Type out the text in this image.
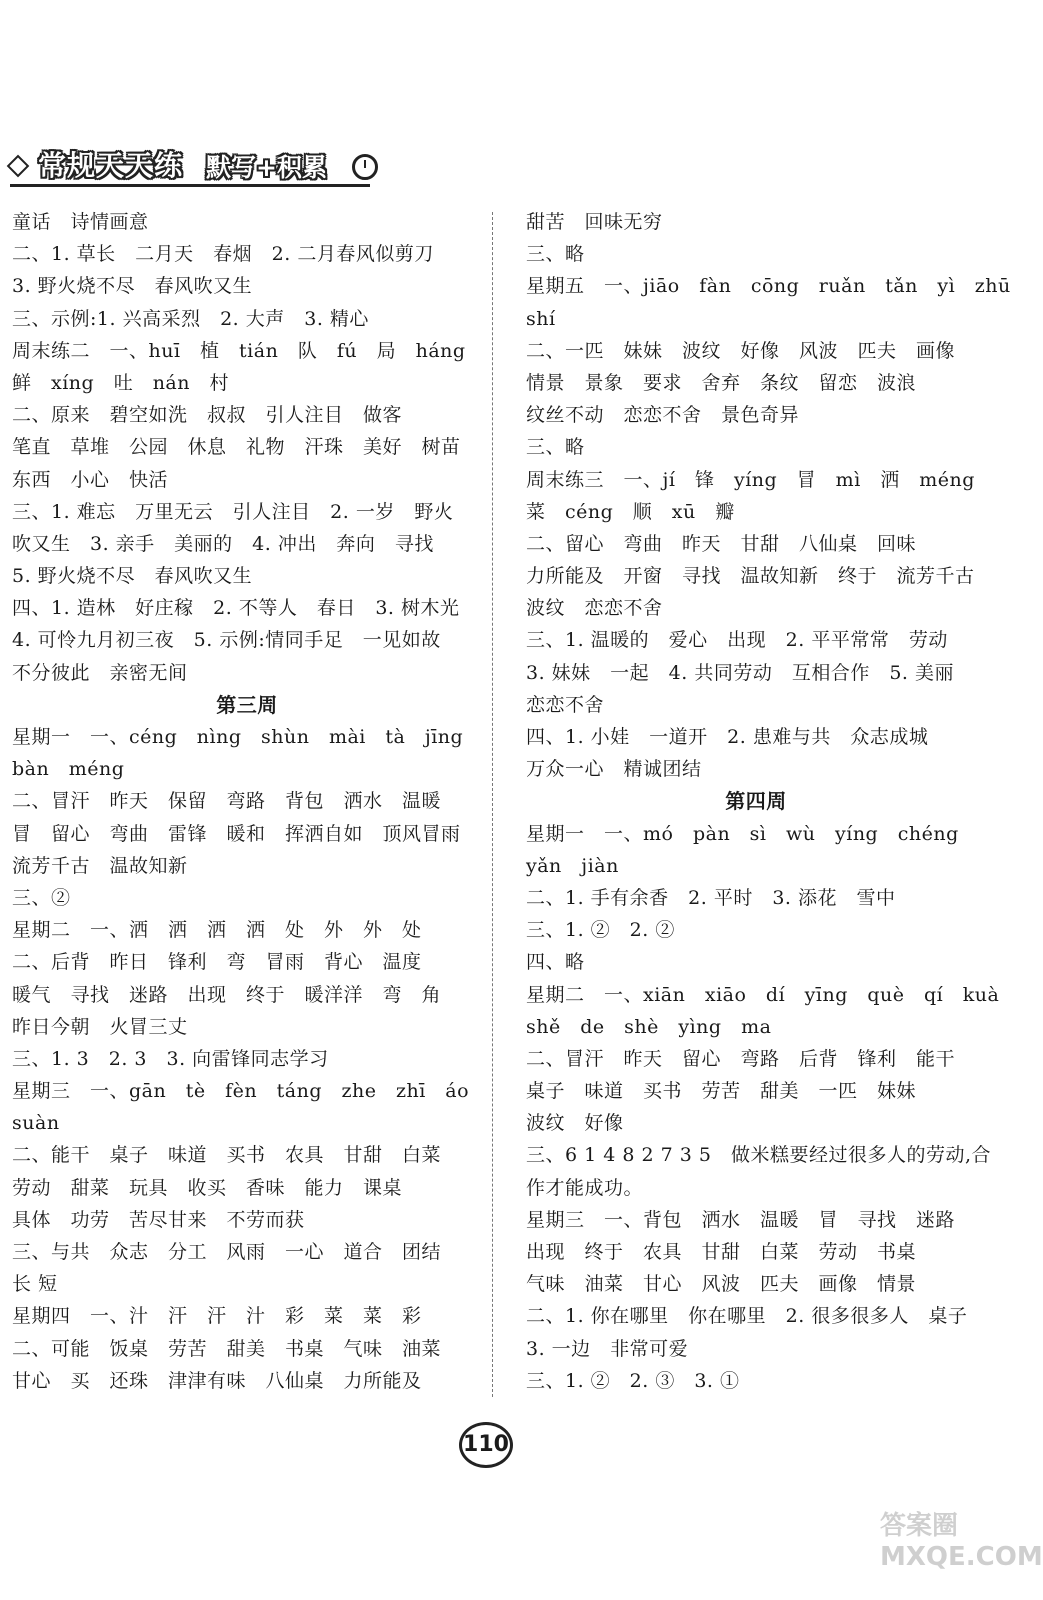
常规天天练 默写+积累
童话　诗情画意
二、1. 草长　二月天　春烟　2. 二月春风似剪刀
3. 野火烧不尽　春风吹又生
三、示例:1. 兴高采烈　2. 大声　3. 精心
周末练二　一、huī　植　tián　队　fú　局　háng
鲜　xíng　吐　nán　村
二、原来　碧空如洗　叔叔　引人注目　做客
笔直　草堆　公园　休息　礼物　汗珠　美好　树苗
东西　小心　快活
三、1. 难忘　万里无云　引人注目　2. 一岁　野火
吹又生　3. 亲手　美丽的　4. 冲出　奔向　寻找
5. 野火烧不尽　春风吹又生
四、1. 造林　好庄稼　2. 不等人　春日　3. 树木光
4. 可怜九月初三夜　5. 示例:情同手足　一见如故
不分彼此　亲密无间
第三周
星期一　一、céng　nìng　shùn　mài　tà　jīng
bàn　méng
二、冒汗　昨天　保留　弯路　背包　洒水　温暖
冒　留心　弯曲　雷锋　暖和　挥洒自如　顶风冒雨
流芳千古　温故知新
三、②
星期二　一、洒　洒　洒　洒　处　外　外　处
二、后背　昨日　锋利　弯　冒雨　背心　温度
暖气　寻找　迷路　出现　终于　暖洋洋　弯　角
昨日今朝　火冒三丈
三、1. 3　2. 3　3. 向雷锋同志学习
星期三　一、gān　tè　fèn　táng　zhe　zhī　áo
suàn
二、能干　桌子　味道　买书　农具　甘甜　白菜
劳动　甜菜　玩具　收买　香味　能力　课桌
具体　功劳　苦尽甘来　不劳而获
三、与共　众志　分工　风雨　一心　道合　团结
长 短
星期四　一、汁　汗　汗　汁　彩　菜　菜　彩
二、可能　饭桌　劳苦　甜美　书桌　气味　油菜
甘心　买　还珠　津津有味　八仙桌　力所能及
甜苦　回味无穷
三、略
星期五　一、jiāo　fàn　cōng　ruǎn　tǎn　yì　zhū
shí
二、一匹　妹妹　波纹　好像　风波　匹夫　画像
情景　景象　要求　舍弃　条纹　留恋　波浪
纹丝不动　恋恋不舍　景色奇异
三、略
周末练三　一、jí　锋　yíng　冒　mì　洒　méng
菜　céng　顺　xū　瓣
二、留心　弯曲　昨天　甘甜　八仙桌　回味
力所能及　开窗　寻找　温故知新　终于　流芳千古
波纹　恋恋不舍
三、1. 温暖的　爱心　出现　2. 平平常常　劳动
3. 妹妹　一起　4. 共同劳动　互相合作　5. 美丽
恋恋不舍
四、1. 小娃　一道开　2. 患难与共　众志成城
万众一心　精诚团结
第四周
星期一　一、mó　pàn　sì　wù　yíng　chéng
yǎn　jiàn
二、1. 手有余香　2. 平时　3. 添花　雪中
三、1. ②　2. ②
四、略
星期二　一、xiān　xiāo　dí　yīng　què　qí　kuà
shě　de　shè　yìng　ma
二、冒汗　昨天　留心　弯路　后背　锋利　能干
桌子　味道　买书　劳苦　甜美　一匹　妹妹
波纹　好像
三、6 1 4 8 2 7 3 5　做米糕要经过很多人的劳动,合
作才能成功。
星期三　一、背包　洒水　温暖　冒　寻找　迷路
出现　终于　农具　甘甜　白菜　劳动　书桌
气味　油菜　甘心　风波　匹夫　画像　情景
二、1. 你在哪里　你在哪里　2. 很多很多人　桌子
3. 一边　非常可爱
三、1. ②　2. ③　3. ①
110
答案圈 MXQE.COM
